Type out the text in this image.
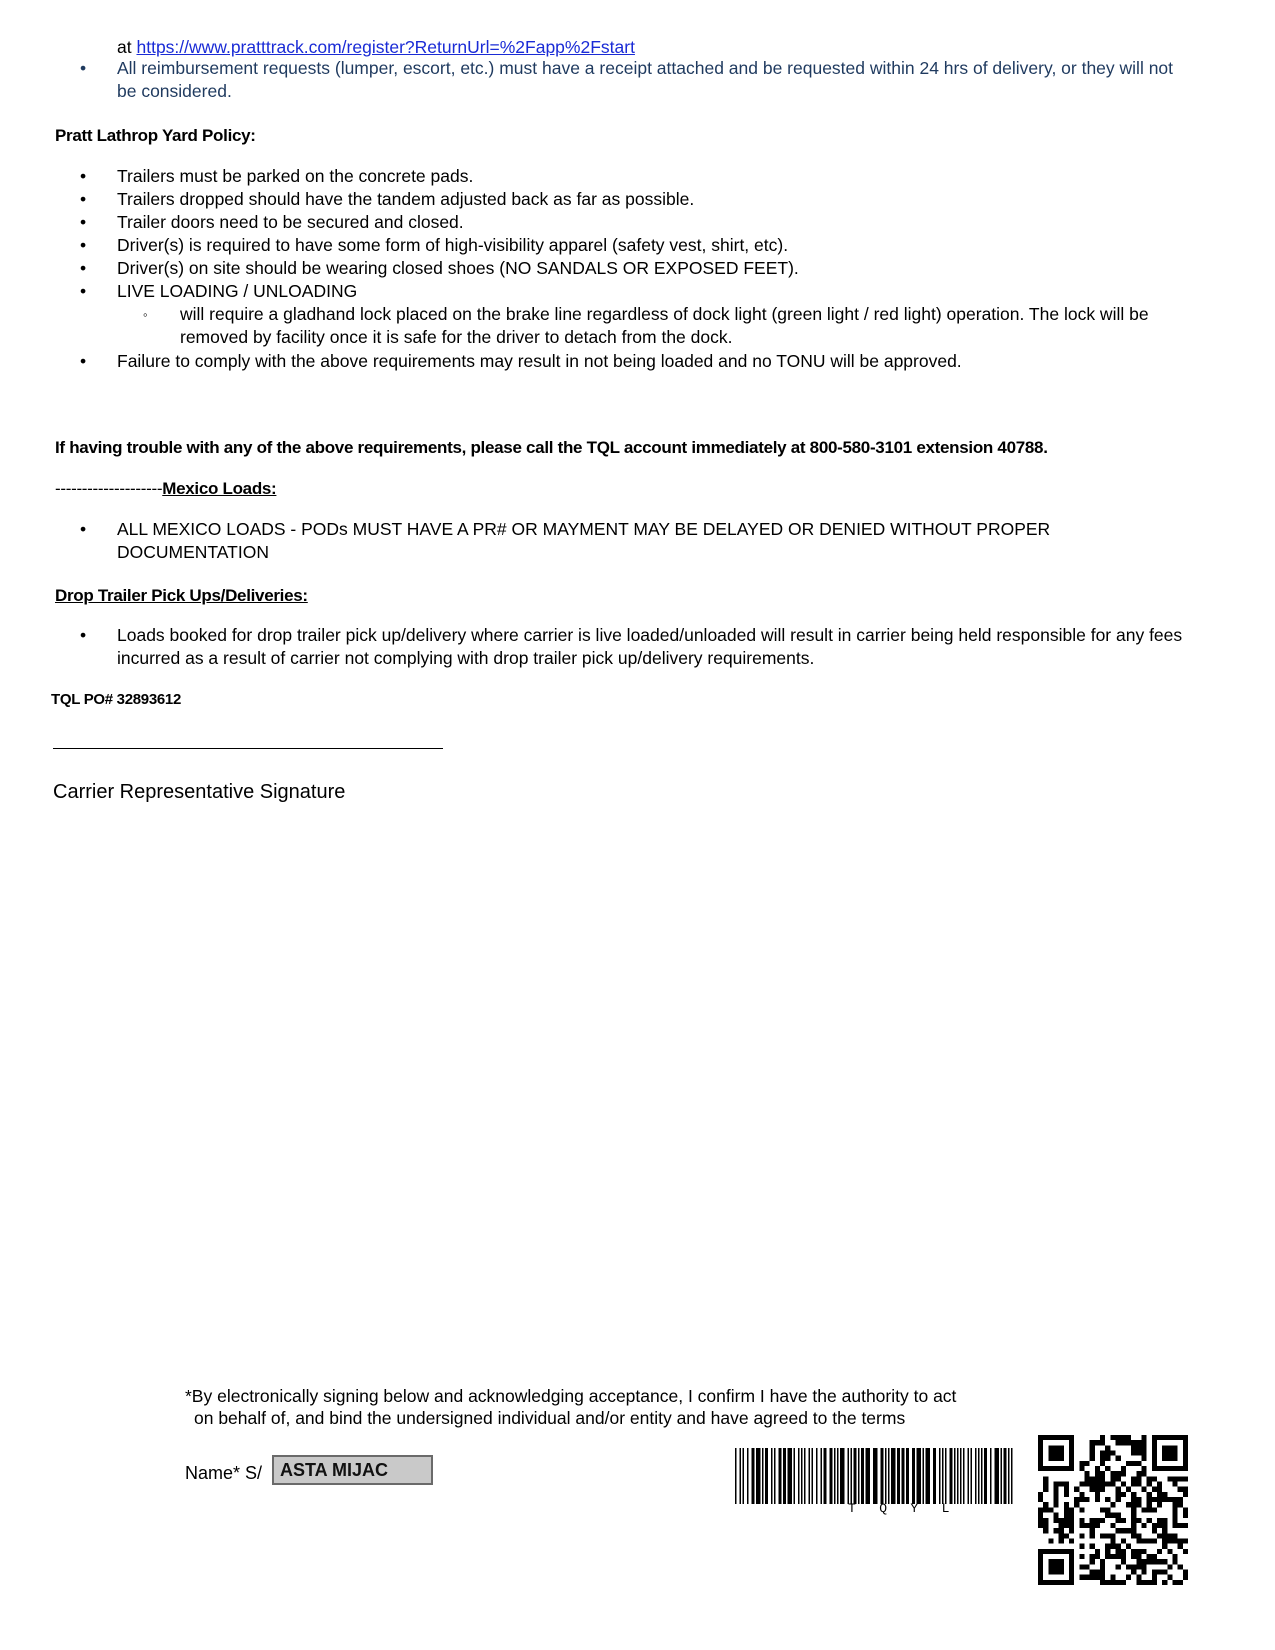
at https://www.pratttrack.com/register?ReturnUrl=%2Fapp%2Fstart
•	All reimbursement requests (lumper, escort, etc.) must have a receipt attached and be requested within 24 hrs of delivery, or they will not be considered.
Pratt Lathrop Yard Policy:
•	Trailers must be parked on the concrete pads.
•	Trailers dropped should have the tandem adjusted back as far as possible.
•	Trailer doors need to be secured and closed.
•	Driver(s) is required to have some form of high-visibility apparel (safety vest, shirt, etc).
•	Driver(s) on site should be wearing closed shoes (NO SANDALS OR EXPOSED FEET).
•	LIVE LOADING / UNLOADING
◦	will require a gladhand lock placed on the brake line regardless of dock light (green light / red light) operation. The lock will be removed by facility once it is safe for the driver to detach from the dock.
•	Failure to comply with the above requirements may result in not being loaded and no TONU will be approved.
If having trouble with any of the above requirements, please call the TQL account immediately at 800-580-3101 extension 40788.
--------------------Mexico Loads:
•	ALL MEXICO LOADS - PODs MUST HAVE A PR# OR MAYMENT MAY BE DELAYED OR DENIED WITHOUT PROPER DOCUMENTATION
Drop Trailer Pick Ups/Deliveries:
•	Loads booked for drop trailer pick up/delivery where carrier is live loaded/unloaded will result in carrier being held responsible for any fees incurred as a result of carrier not complying with drop trailer pick up/delivery requirements.
TQL PO# 32893612
Carrier Representative Signature
*By electronically signing below and acknowledging acceptance, I confirm I have the authority to act
on behalf of, and bind the undersigned individual and/or entity and have agreed to the terms
Name* S/ ASTA MIJAC
T   Q   Y   L
